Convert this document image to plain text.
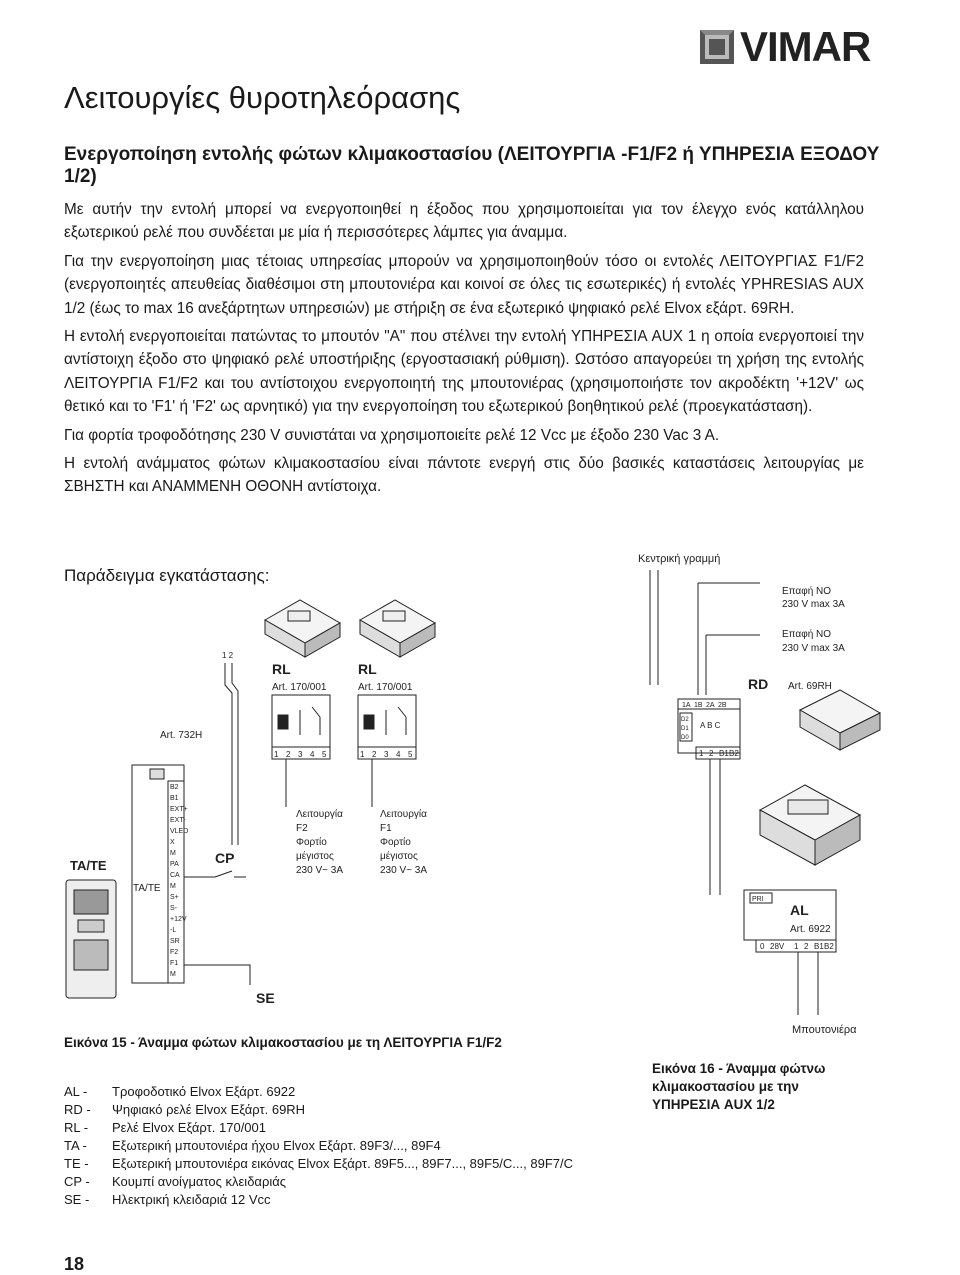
VIMAR
Λειτουργίες θυροτηλεόρασης
Ενεργοποίηση εντολής φώτων κλιμακοστασίου (ΛΕΙΤΟΥΡΓΙΑ -F1/F2 ή ΥΠΗΡΕΣΙΑ ΕΞΟΔΟΥ 1/2)

Με αυτήν την εντολή μπορεί να ενεργοποιηθεί η έξοδος που χρησιμοποιείται για τον έλεγχο ενός κατάλληλου εξωτερικού ρελέ που συνδέεται με μία ή περισσότερες λάμπες για άναμμα.

Για την ενεργοποίηση μιας τέτοιας υπηρεσίας μπορούν να χρησιμοποιηθούν τόσο οι εντολές ΛΕΙΤΟΥΡΓΙΑΣ F1/F2 (ενεργοποιητές απευθείας διαθέσιμοι στη μπουτονιέρα και κοινοί σε όλες τις εσωτερικές) ή εντολές YPHRESIAS AUX 1/2 (έως το max 16 ανεξάρτητων υπηρεσιών) με στήριξη σε ένα εξωτερικό ψηφιακό ρελέ Elvox εξάρτ. 69RH.

Η εντολή ενεργοποιείται πατώντας το μπουτόν "A" που στέλνει την εντολή ΥΠΗΡΕΣΙΑ AUX 1 η οποία ενεργοποιεί την αντίστοιχη έξοδο στο ψηφιακό ρελέ υποστήριξης (εργοστασιακή ρύθμιση). Ωστόσο απαγορεύει τη χρήση της εντολής ΛΕΙΤΟΥΡΓΙΑ F1/F2 και του αντίστοιχου ενεργοποιητή της μπουτονιέρας (χρησιμοποιήστε τον ακροδέκτη '+12V' ως θετικό και το 'F1' ή 'F2' ως αρνητικό) για την ενεργοποίηση του εξωτερικού βοηθητικού ρελέ (προεγκατάσταση).

Για φορτία τροφοδότησης 230 V συνιστάται να χρησιμοποιείτε ρελέ 12 Vcc με έξοδο 230 Vac 3 A.

Η εντολή ανάμματος φώτων κλιμακοστασίου είναι πάντοτε ενεργή στις δύο βασικές καταστάσεις λειτουργίας με ΣΒΗΣΤΗ και ΑΝΑΜΜΕΝΗ ΟΘΟΝΗ αντίστοιχα.

Παράδειγμα εγκατάστασης:
Κεντρική γραμμή
Επαφή NO
230 V max 3A
Επαφή NO
230 V max 3A
1 2
RL
Art. 170/001
RL
Art. 170/001
1 2 3 4 5	1 2 3 4 5
Λειτουργία
F2
Φορτίο
μέγιστος
230 V~ 3A
Λειτουργία
F1
Φορτίο
μέγιστος
230 V~ 3A
Art. 732H
B2
B1
EXT+
EXT-
VLED
X
M
PA
CA
M
S+
S-
+12V
-L
SR
F2
F1
M
TA/TE
TA/TE	CP
SE
RD Art. 69RH
1A 1B 2A 2B
D2
D1
D0
A B C
1 2 B1 B2
PRI
AL
Art. 6922
0 28V 1 2 B1 B2
Μπουτονιέρα
Εικόνα 15 - Άναμμα φώτων κλιμακοστασίου με τη ΛΕΙΤΟΥΡΓΙΑ F1/F2
Εικόνα 16 - Άναμμα φώτνω
κλιμακοστασίου με την
ΥΠΗΡΕΣΙΑ AUX 1/2
AL -	Τροφοδοτικό Elvox Εξάρτ. 6922
RD -	Ψηφιακό ρελέ Elvox Εξάρτ. 69RH
RL -	Ρελέ Elvox Εξάρτ. 170/001
TA -	Εξωτερική μπουτονιέρα ήχου Elvox Εξάρτ. 89F3/..., 89F4
TE -	Εξωτερική μπουτονιέρα εικόνας Elvox Εξάρτ. 89F5..., 89F7..., 89F5/C..., 89F7/C
CP -	Κουμπί ανοίγματος κλειδαριάς
SE -	Ηλεκτρική κλειδαριά 12 Vcc
18
